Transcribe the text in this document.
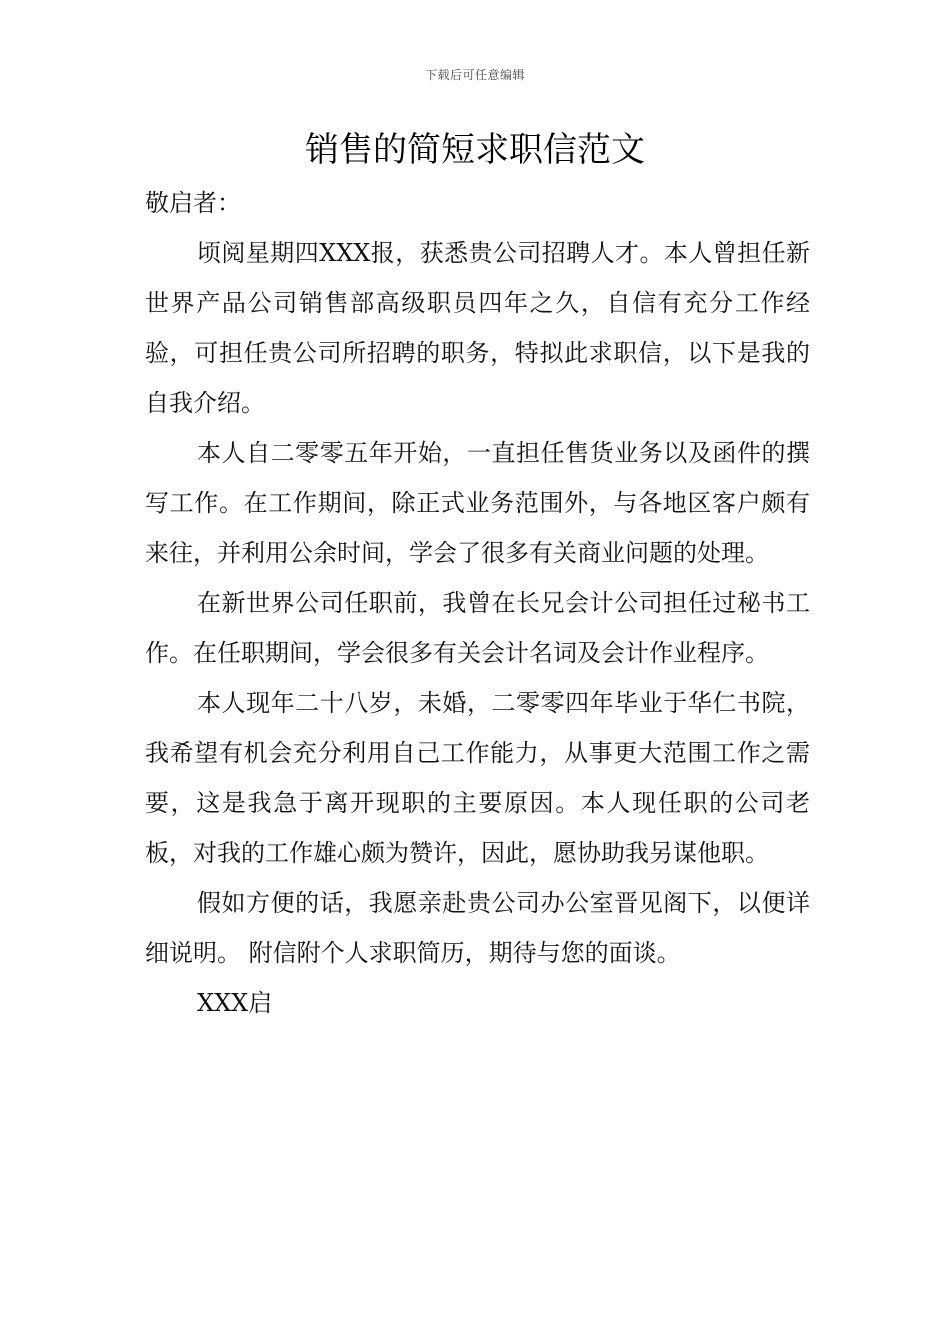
下载后可任意编辑
销售的简短求职信范文

敬启者：

顷阅星期四XXX报，获悉贵公司招聘人才。本人曾担任新世界产品公司销售部高级职员四年之久，自信有充分工作经验，可担任贵公司所招聘的职务，特拟此求职信，以下是我的自我介绍。

本人自二零零五年开始，一直担任售货业务以及函件的撰写工作。在工作期间，除正式业务范围外，与各地区客户颇有来往，并利用公余时间，学会了很多有关商业问题的处理。

在新世界公司任职前，我曾在长兄会计公司担任过秘书工作。在任职期间，学会很多有关会计名词及会计作业程序。

本人现年二十八岁，未婚，二零零四年毕业于华仁书院，我希望有机会充分利用自己工作能力，从事更大范围工作之需要，这是我急于离开现职的主要原因。本人现任职的公司老板，对我的工作雄心颇为赞许，因此，愿协助我另谋他职。

假如方便的话，我愿亲赴贵公司办公室晋见阁下，以便详细说明。 附信附个人求职简历，期待与您的面谈。

XXX启
